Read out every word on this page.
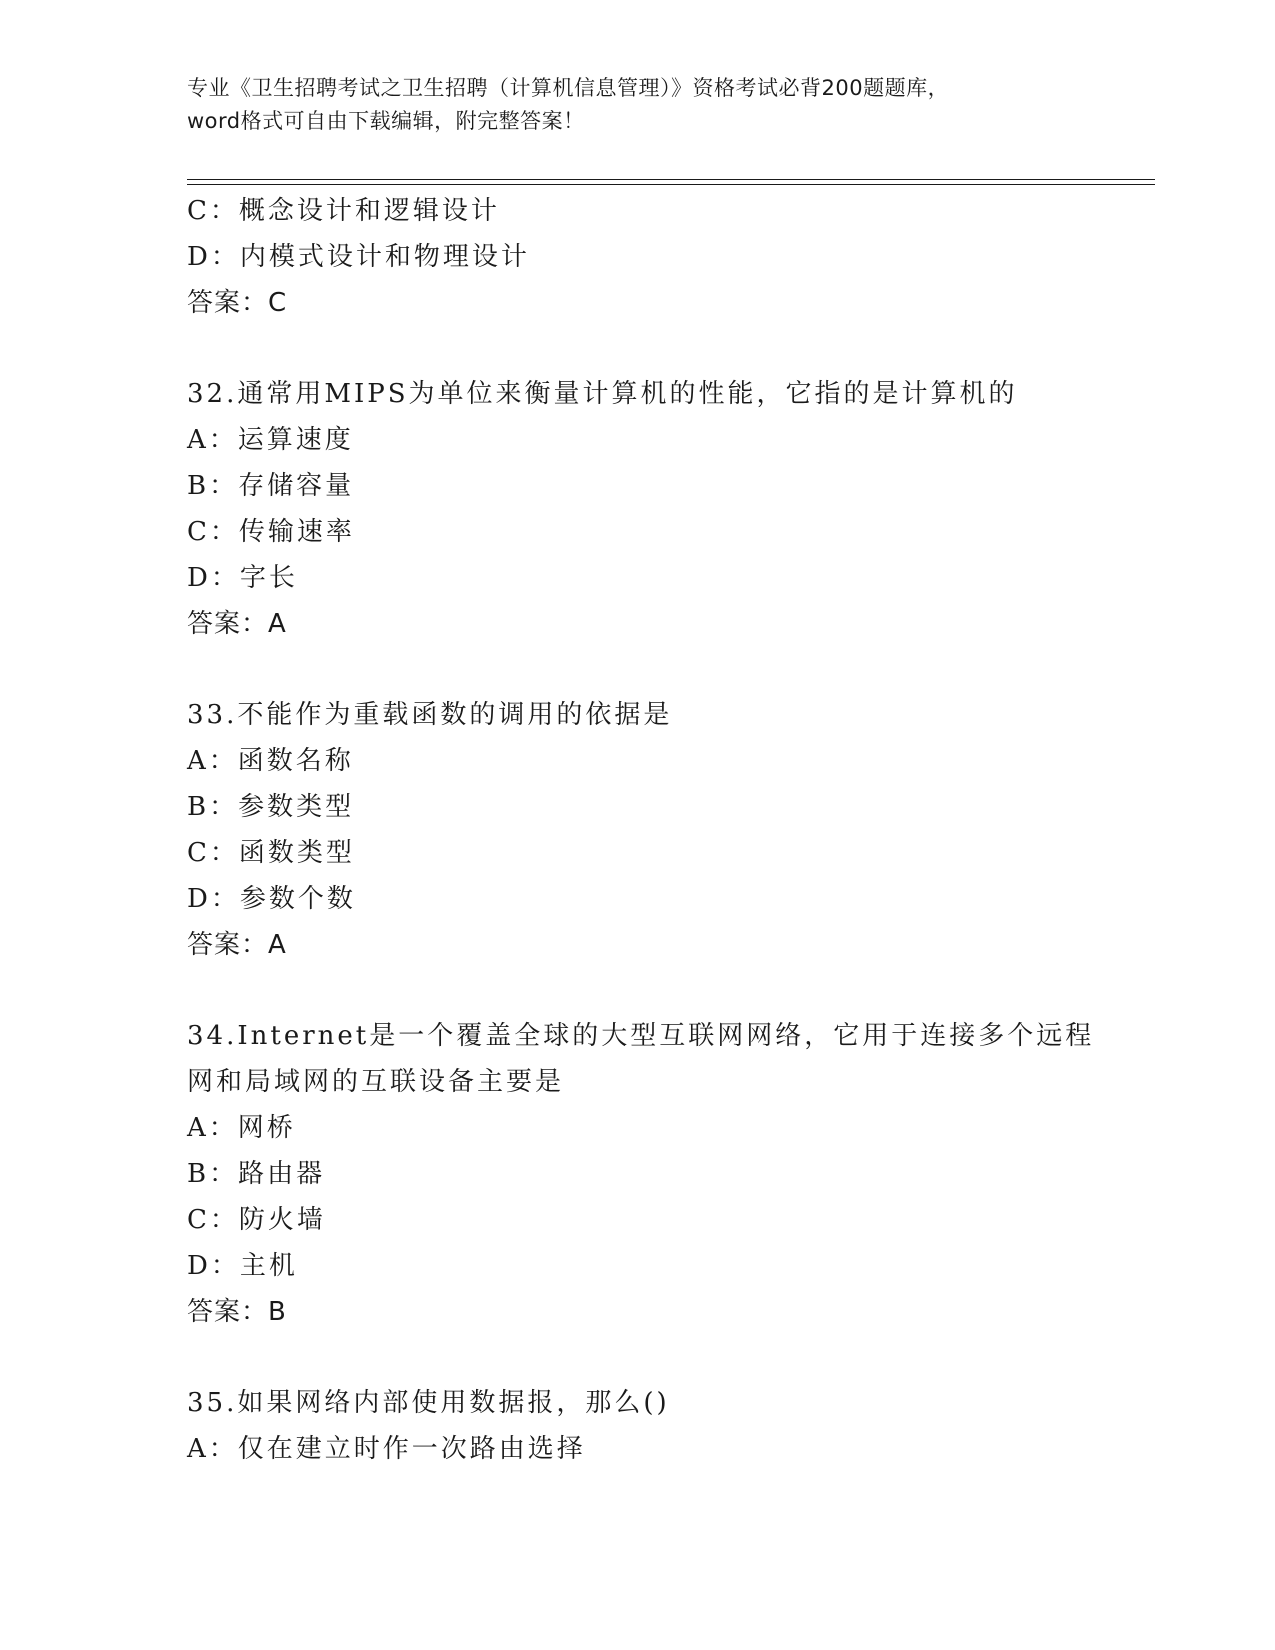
专业《卫生招聘考试之卫生招聘（计算机信息管理）》资格考试必背200题题库，
word格式可自由下载编辑，附完整答案！
C：概念设计和逻辑设计
D：内模式设计和物理设计
答案：C
32.通常用MIPS为单位来衡量计算机的性能，它指的是计算机的
A：运算速度
B：存储容量
C：传输速率
D：字长
答案：A
33.不能作为重载函数的调用的依据是
A：函数名称
B：参数类型
C：函数类型
D：参数个数
答案：A
34.Internet是一个覆盖全球的大型互联网网络，它用于连接多个远程
网和局域网的互联设备主要是
A：网桥
B：路由器
C：防火墙
D：主机
答案：B
35.如果网络内部使用数据报，那么()
A：仅在建立时作一次路由选择
